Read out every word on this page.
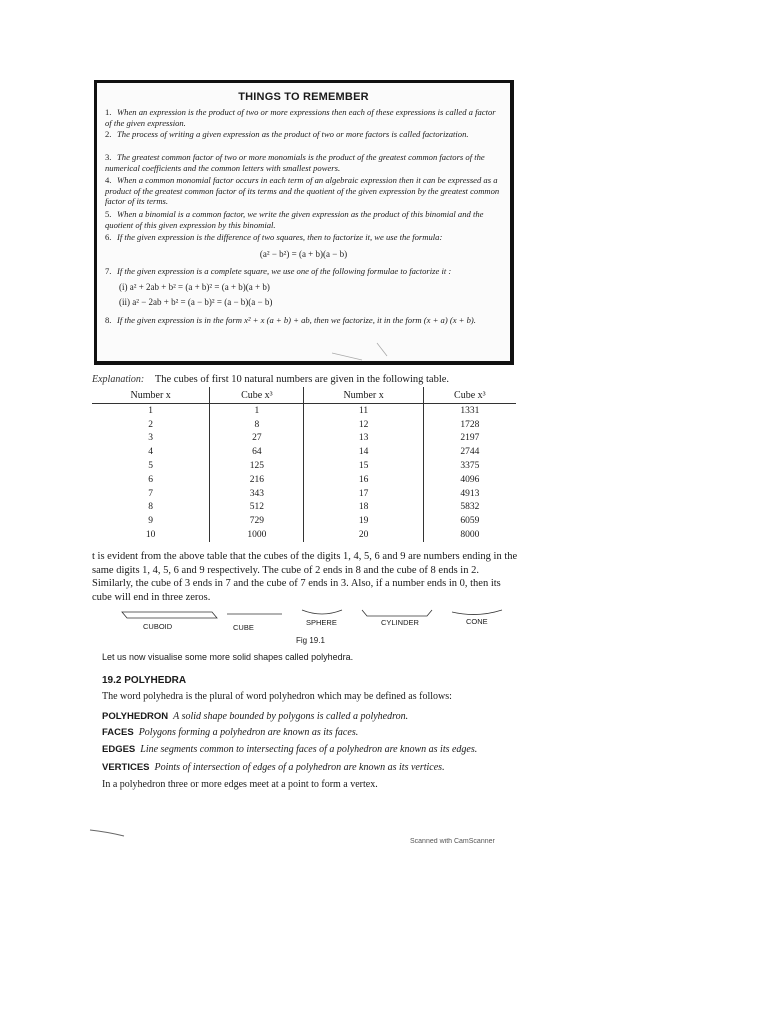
THINGS TO REMEMBER
1. When an expression is the product of two or more expressions then each of these expressions is called a factor of the given expression.
2. The process of writing a given expression as the product of two or more factors is called factorization.
3. The greatest common factor of two or more monomials is the product of the greatest common factors of the numerical coefficients and the common letters with smallest powers.
4. When a common monomial factor occurs in each term of an algebraic expression then it can be expressed as a product of the greatest common factor of its terms and the quotient of the given expression by the greatest common factor of its terms.
5. When a binomial is a common factor, we write the given expression as the product of this binomial and the quotient of this given expression by this binomial.
6. If the given expression is the difference of two squares, then to factorize it, we use the formula:
(a² − b²) = (a + b)(a − b)
7. If the given expression is a complete square, we use one of the following formulae to factorize it :
(i) a² + 2ab + b² = (a + b)² = (a + b)(a + b)
(ii) a² − 2ab + b² = (a − b)² = (a − b)(a − b)
8. If the given expression is in the form x² + x (a + b) + ab, then we factorize, it in the form (x + a) (x + b).
Explanation: The cubes of first 10 natural numbers are given in the following table.
Number x	Cube x³	Number x	Cube x³
1	1	11	1331
2	8	12	1728
3	27	13	2197
4	64	14	2744
5	125	15	3375
6	216	16	4096
7	343	17	4913
8	512	18	5832
9	729	19	6059
10	1000	20	8000
t is evident from the above table that the cubes of the digits 1, 4, 5, 6 and 9 are numbers ending in the same digits 1, 4, 5, 6 and 9 respectively. The cube of 2 ends in 8 and the cube of 8 ends in 2. Similarly, the cube of 3 ends in 7 and the cube of 7 ends in 3. Also, if a number ends in 0, then its cube will end in three zeros.
CUBOID	CUBE
SPHERE	CYLINDER	CONE
Fig 19.1
Let us now visualise some more solid shapes called polyhedra.
19.2 POLYHEDRA
The word polyhedra is the plural of word polyhedron which may be defined as follows:
POLYHEDRON A solid shape bounded by polygons is called a polyhedron.
FACES Polygons forming a polyhedron are known as its faces.
EDGES Line segments common to intersecting faces of a polyhedron are known as its edges.
VERTICES Points of intersection of edges of a polyhedron are known as its vertices.
In a polyhedron three or more edges meet at a point to form a vertex.
Scanned with CamScanner
